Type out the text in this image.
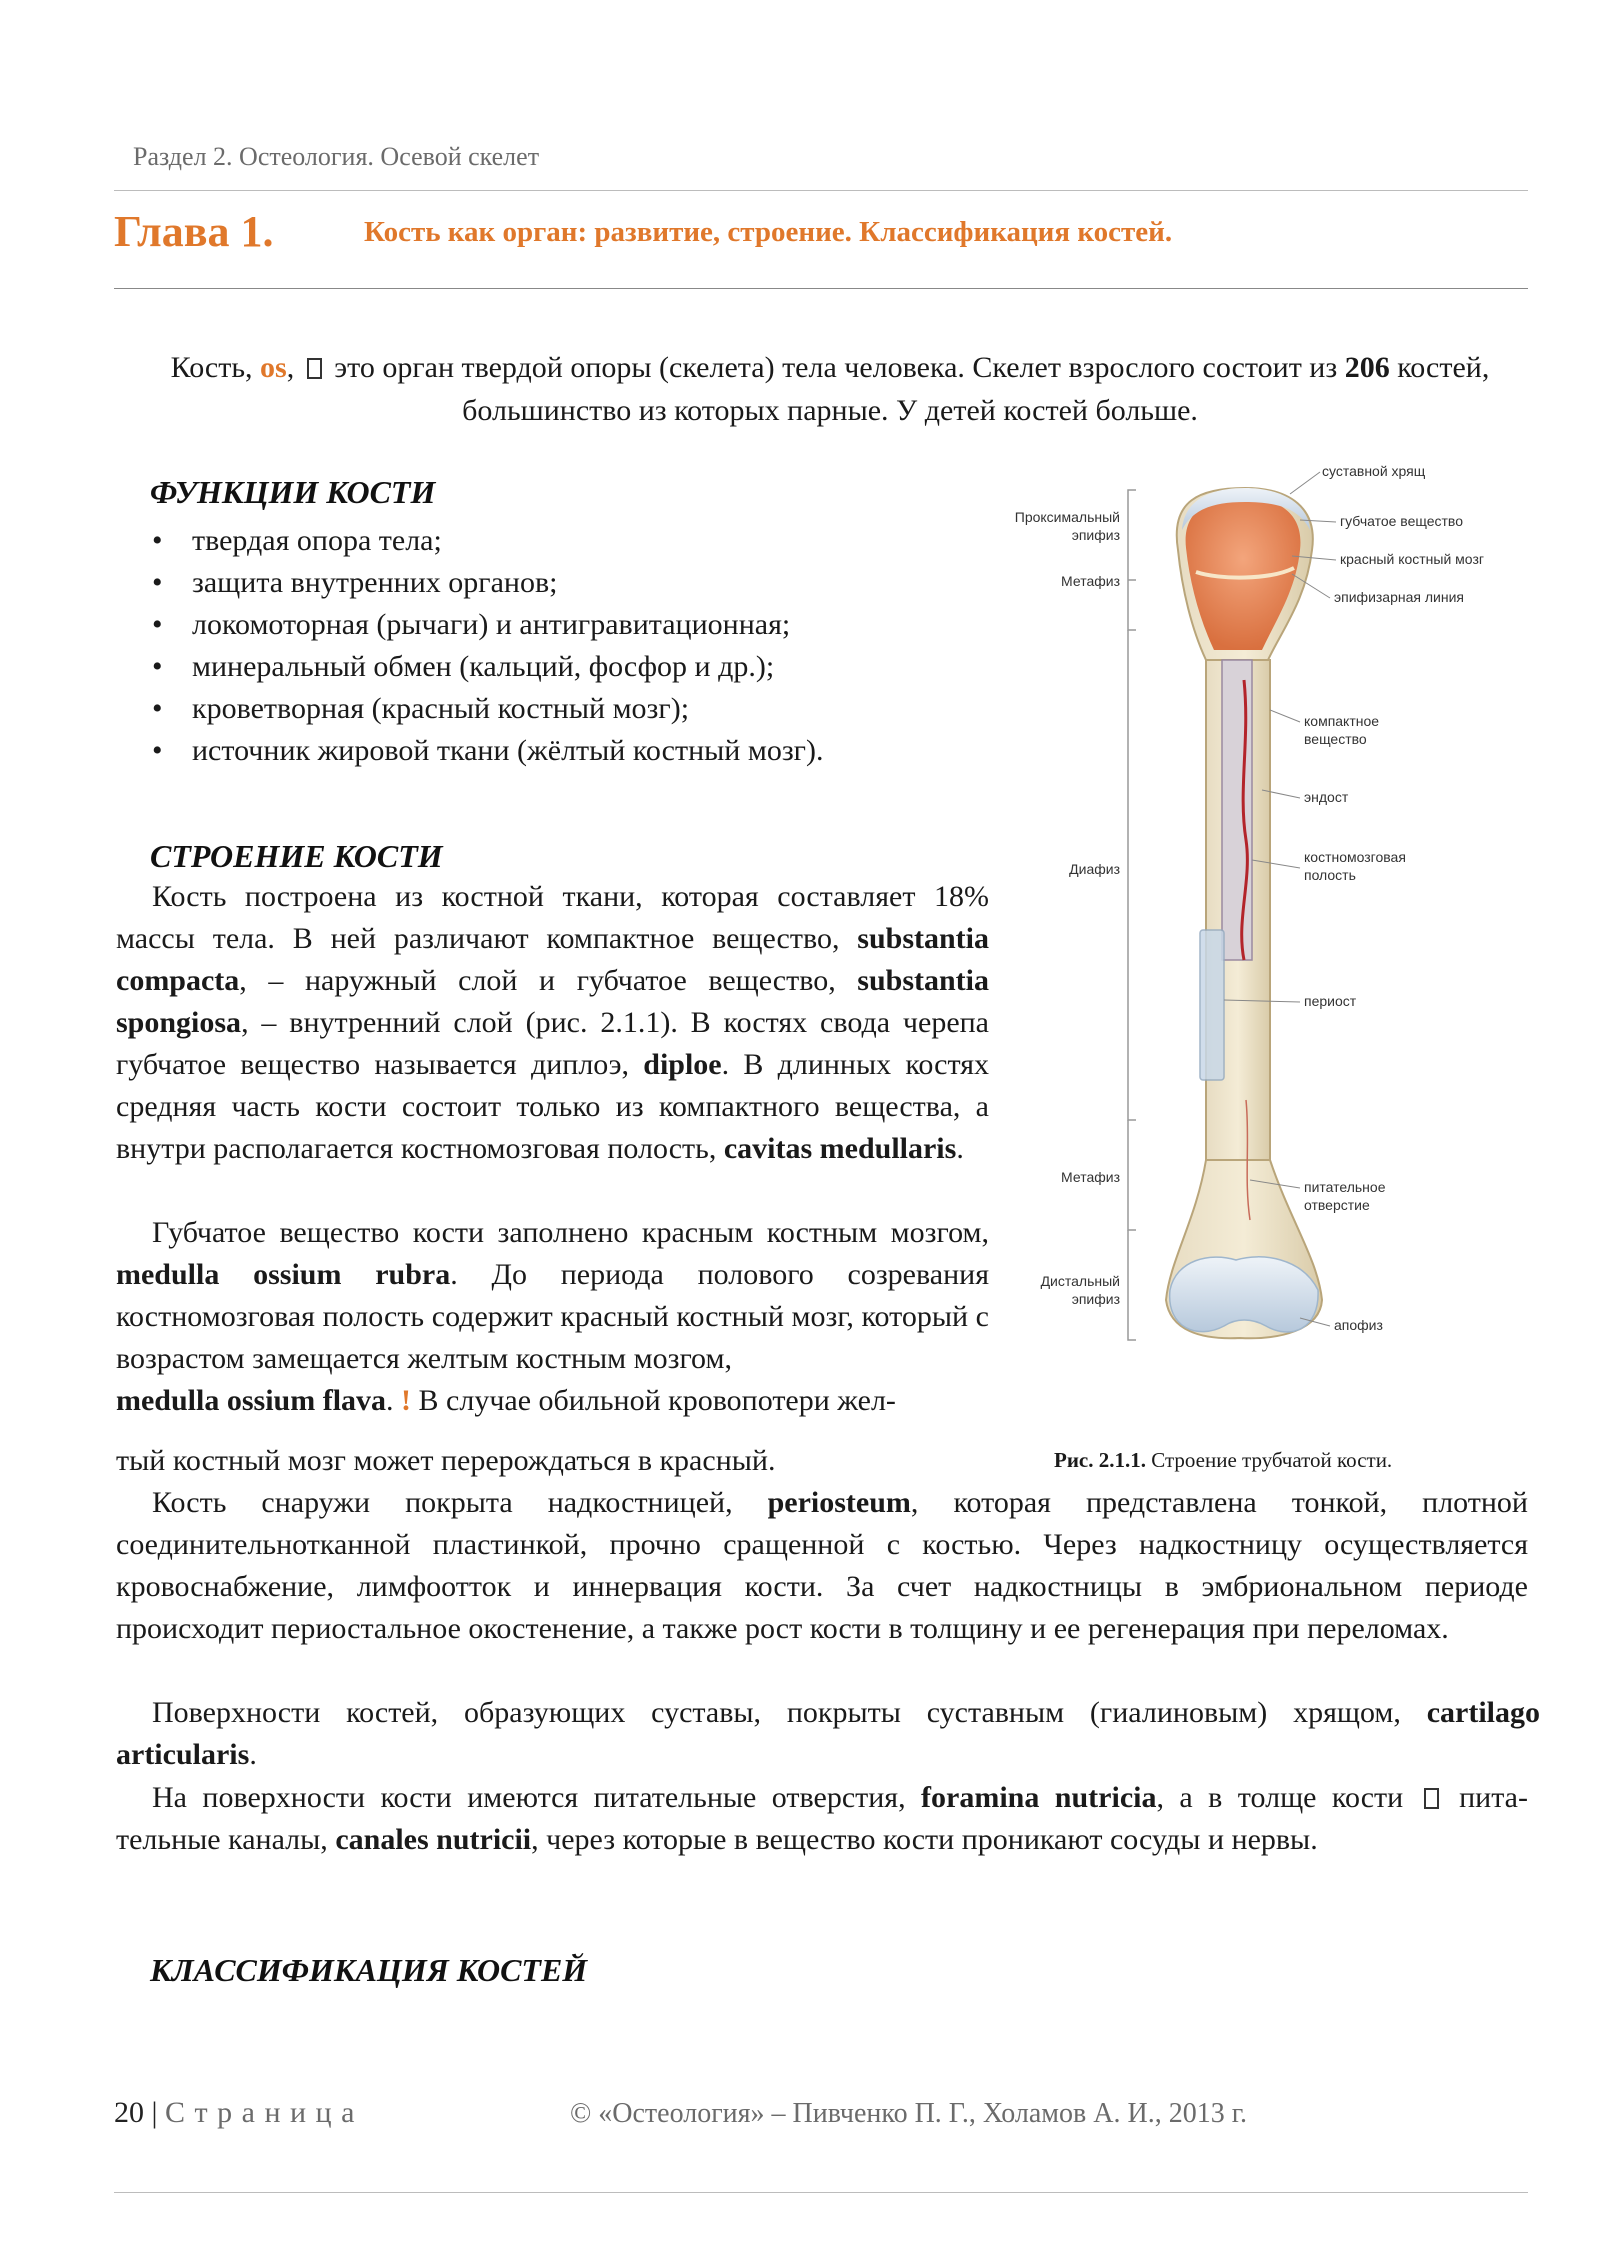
Раздел 2. Остеология. Осевой скелет
Глава 1.	Кость как орган: развитие, строение. Классификация костей.
Кость, os,  это орган твердой опоры (скелета) тела человека. Скелет взрослого состоит из 206 костей, большинство из которых парные. У детей костей больше.
ФУНКЦИИ КОСТИ
• твердая опора тела;
• защита внутренних органов;
• локомоторная (рычаги) и антигравитационная;
• минеральный обмен (кальций, фосфор и др.);
• кроветворная (красный костный мозг);
• источник жировой ткани (жёлтый костный мозг).
СТРОЕНИЕ КОСТИ
Кость построена из костной ткани, которая составляет 18% массы тела. В ней различают компактное вещество, substantia compacta, – наружный слой и губчатое вещество, substantia spongiosa, – внутренний слой (рис. 2.1.1). В костях свода черепа губчатое вещество называется диплоэ, diploe. В длинных костях средняя часть кости состоит только из компактного вещества, а внутри располагается костномозговая полость, cavitas medullaris.
Губчатое вещество кости заполнено красным костным мозгом, medulla ossium rubra. До периода полового созревания костномозговая полость содержит красный костный мозг, который с возрастом замещается желтым костным мозгом,
medulla ossium flava. ! В случае обильной кровопотери жел-
тый костный мозг может перерождаться в красный.	Рис. 2.1.1. Строение трубчатой кости.
Кость снаружи покрыта надкостницей, periosteum, которая представлена тонкой, плотной соединительнотканной пластинкой, прочно сращенной с костью. Через надкостницу осуществляется кровоснабжение, лимфоотток и иннервация кости. За счет надкостницы в эмбриональном периоде происходит периостальное окостенение, а также рост кости в толщину и ее регенерация при переломах.
Поверхности костей, образующих суставы, покрыты суставным (гиалиновым) хрящом, cartilago articularis.
На поверхности кости имеются питательные отверстия, foramina nutricia, а в толще кости  пита-тельные каналы, canales nutricii, через которые в вещество кости проникают сосуды и нервы.
КЛАССИФИКАЦИЯ КОСТЕЙ
Проксимальный
эпифиз
Метафиз
Диафиз
Метафиз
Дистальный
эпифиз
суставной хрящ
губчатое вещество
красный костный мозг
эпифизарная линия
компактное
вещество
эндост
костномозговая
полость
периост
питательное
отверстие
апофиз
20 | С т р а н и ц а	© «Остеология» – Пивченко П. Г., Холамов А. И., 2013 г.
